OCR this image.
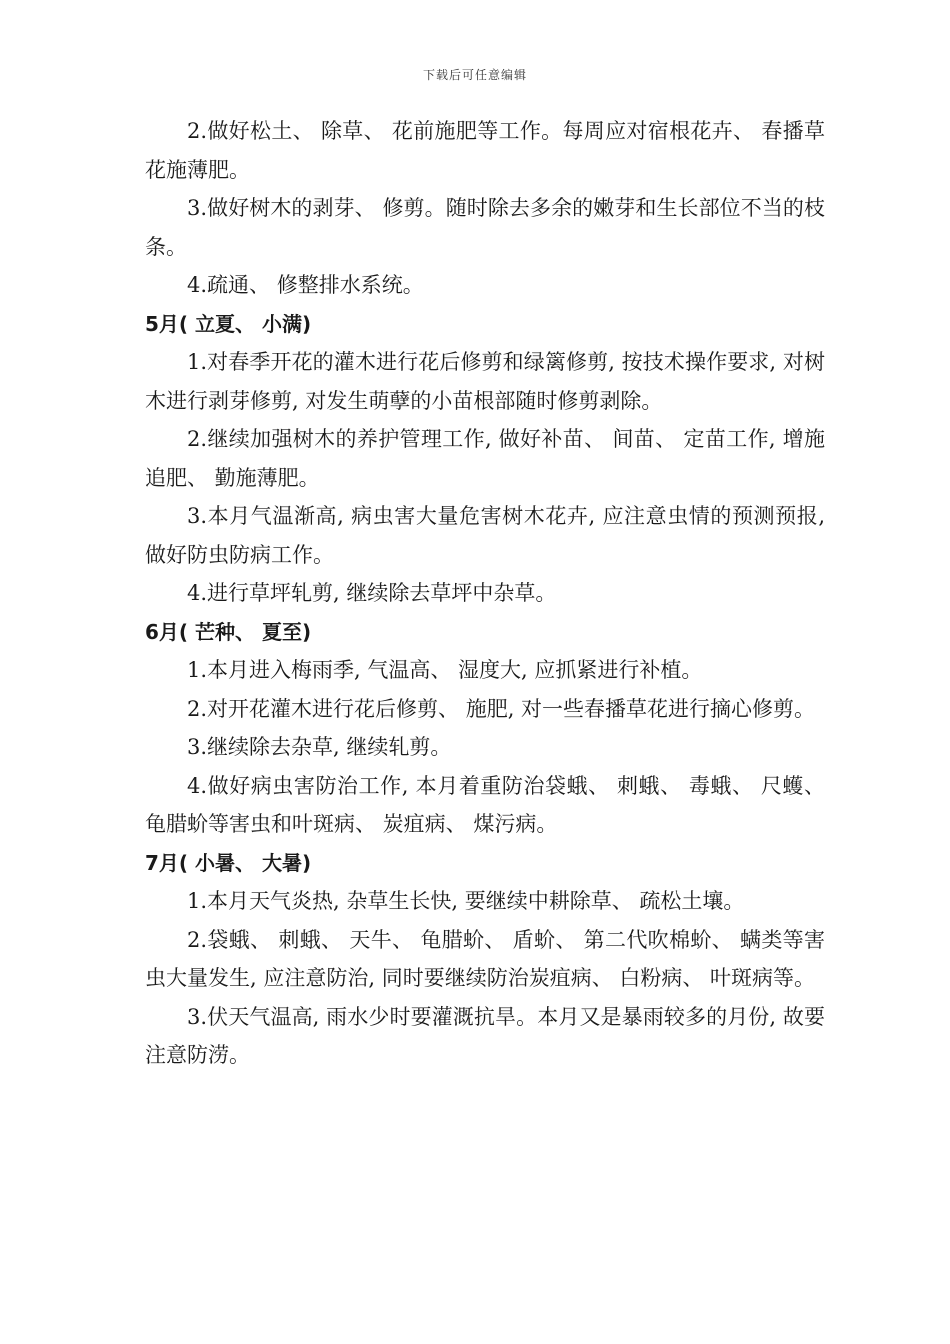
下载后可任意编辑

2.做好松土、 除草、 花前施肥等工作。每周应对宿根花卉、 春播草花施薄肥。

3.做好树木的剥芽、 修剪。随时除去多余的嫩芽和生长部位不当的枝条。

4.疏通、 修整排水系统。

5月( 立夏、 小满)

1.对春季开花的灌木进行花后修剪和绿篱修剪, 按技术操作要求, 对树木进行剥芽修剪, 对发生萌孽的小苗根部随时修剪剥除。

2.继续加强树木的养护管理工作, 做好补苗、 间苗、 定苗工作, 增施追肥、 勤施薄肥。

3.本月气温渐高, 病虫害大量危害树木花卉, 应注意虫情的预测预报, 做好防虫防病工作。

4.进行草坪轧剪, 继续除去草坪中杂草。

6月( 芒种、 夏至)

1.本月进入梅雨季, 气温高、 湿度大, 应抓紧进行补植。

2.对开花灌木进行花后修剪、 施肥, 对一些春播草花进行摘心修剪。

3.继续除去杂草, 继续轧剪。

4.做好病虫害防治工作, 本月着重防治袋蛾、 刺蛾、 毒蛾、 尺蠖、 龟腊蚧等害虫和叶斑病、 炭疽病、 煤污病。

7月( 小暑、 大暑)

1.本月天气炎热, 杂草生长快, 要继续中耕除草、 疏松土壤。

2.袋蛾、 刺蛾、 天牛、 龟腊蚧、 盾蚧、 第二代吹棉蚧、 螨类等害虫大量发生, 应注意防治, 同时要继续防治炭疽病、 白粉病、 叶斑病等。

3.伏天气温高, 雨水少时要灌溉抗旱。本月又是暴雨较多的月份, 故要注意防涝。
